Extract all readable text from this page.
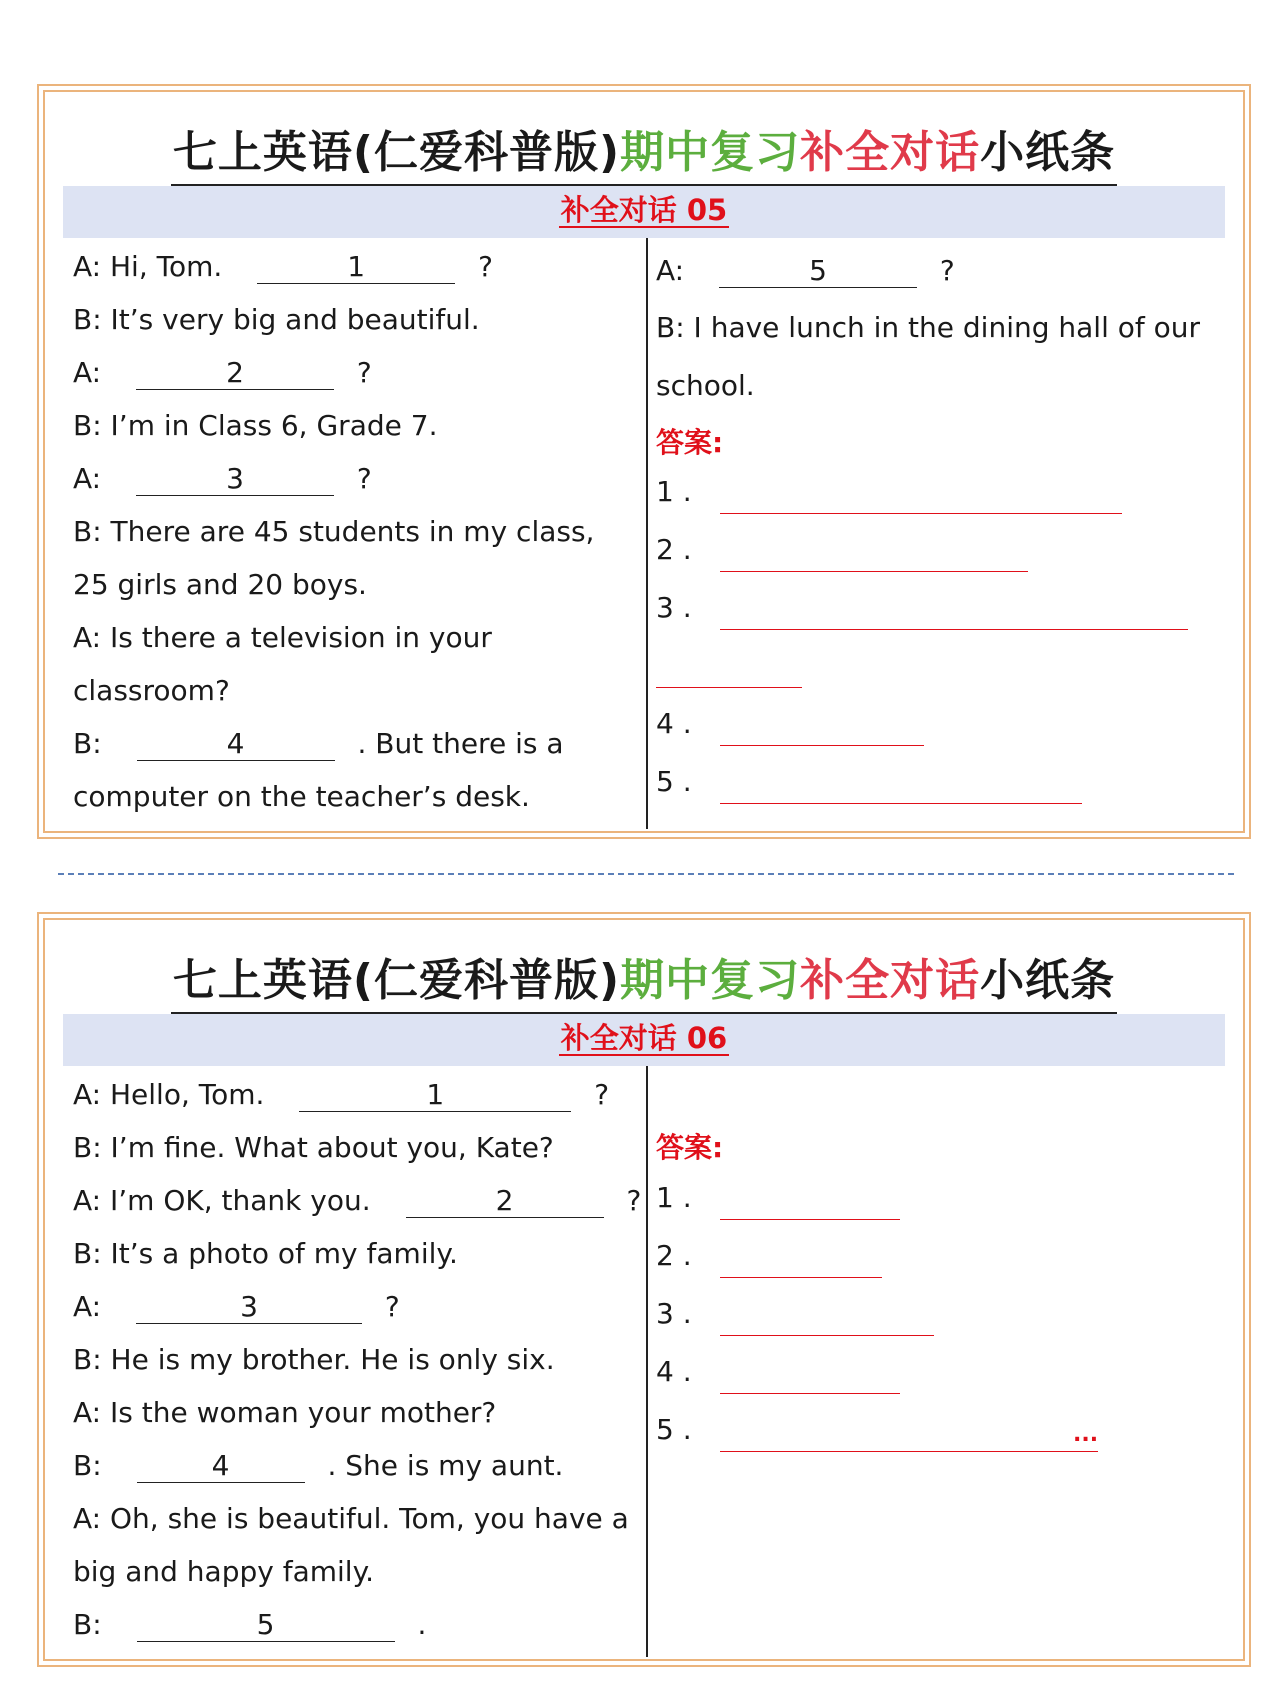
七上英语(仁爱科普版)期中复习补全对话小纸条
补全对话 05
A: Hi, Tom.	1	?
B: It’s very big and beautiful.
A:	2	?
B: I’m in Class 6, Grade 7.
A:	3	?
B: There are 45 students in my class,
25 girls and 20 boys.
A: Is there a television in your
classroom?
B:	4	. But there is a
computer on the teacher’s desk.
A:	5	?
B: I have lunch in the dining hall of our
school.
答案:
1 .
2 .
3 .
4 .
5 .
七上英语(仁爱科普版)期中复习补全对话小纸条
补全对话 06
A: Hello, Tom.	1	?
B: I’m fine. What about you, Kate?
A: I’m OK, thank you.	2	?
B: It’s a photo of my family.
A:	3	?
B: He is my brother. He is only six.
A: Is the woman your mother?
B:	4	. She is my aunt.
A: Oh, she is beautiful. Tom, you have a
big and happy family.
B:	5	.
答案:
1 .
2 .
3 .
4 .
5 .	...
